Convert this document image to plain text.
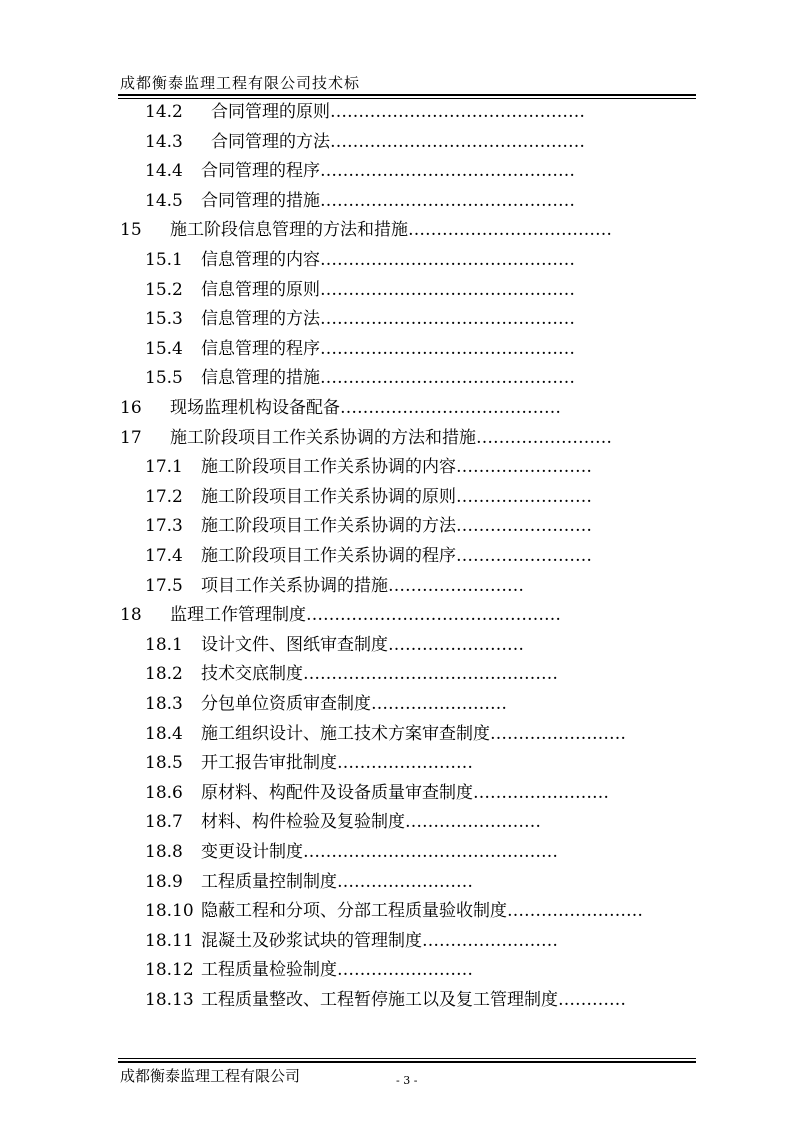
成都衡泰监理工程有限公司技术标
14.2 合同管理的原则………………………………………
14.3 合同管理的方法………………………………………
14.4 合同管理的程序………………………………………
14.5 合同管理的措施………………………………………
15 施工阶段信息管理的方法和措施………………………………
15.1 信息管理的内容………………………………………
15.2 信息管理的原则………………………………………
15.3 信息管理的方法………………………………………
15.4 信息管理的程序………………………………………
15.5 信息管理的措施………………………………………
16 现场监理机构设备配备…………………………………
17 施工阶段项目工作关系协调的方法和措施……………………
17.1 施工阶段项目工作关系协调的内容……………………
17.2 施工阶段项目工作关系协调的原则……………………
17.3 施工阶段项目工作关系协调的方法……………………
17.4 施工阶段项目工作关系协调的程序……………………
17.5 项目工作关系协调的措施……………………
18 监理工作管理制度………………………………………
18.1 设计文件、图纸审查制度……………………
18.2 技术交底制度………………………………………
18.3 分包单位资质审查制度……………………
18.4 施工组织设计、施工技术方案审查制度……………………
18.5 开工报告审批制度……………………
18.6 原材料、构配件及设备质量审查制度……………………
18.7 材料、构件检验及复验制度……………………
18.8 变更设计制度………………………………………
18.9 工程质量控制制度……………………
18.10 隐蔽工程和分项、分部工程质量验收制度……………………
18.11 混凝土及砂浆试块的管理制度……………………
18.12 工程质量检验制度……………………
18.13 工程质量整改、工程暂停施工以及复工管理制度…………
成都衡泰监理工程有限公司	- 3 -
